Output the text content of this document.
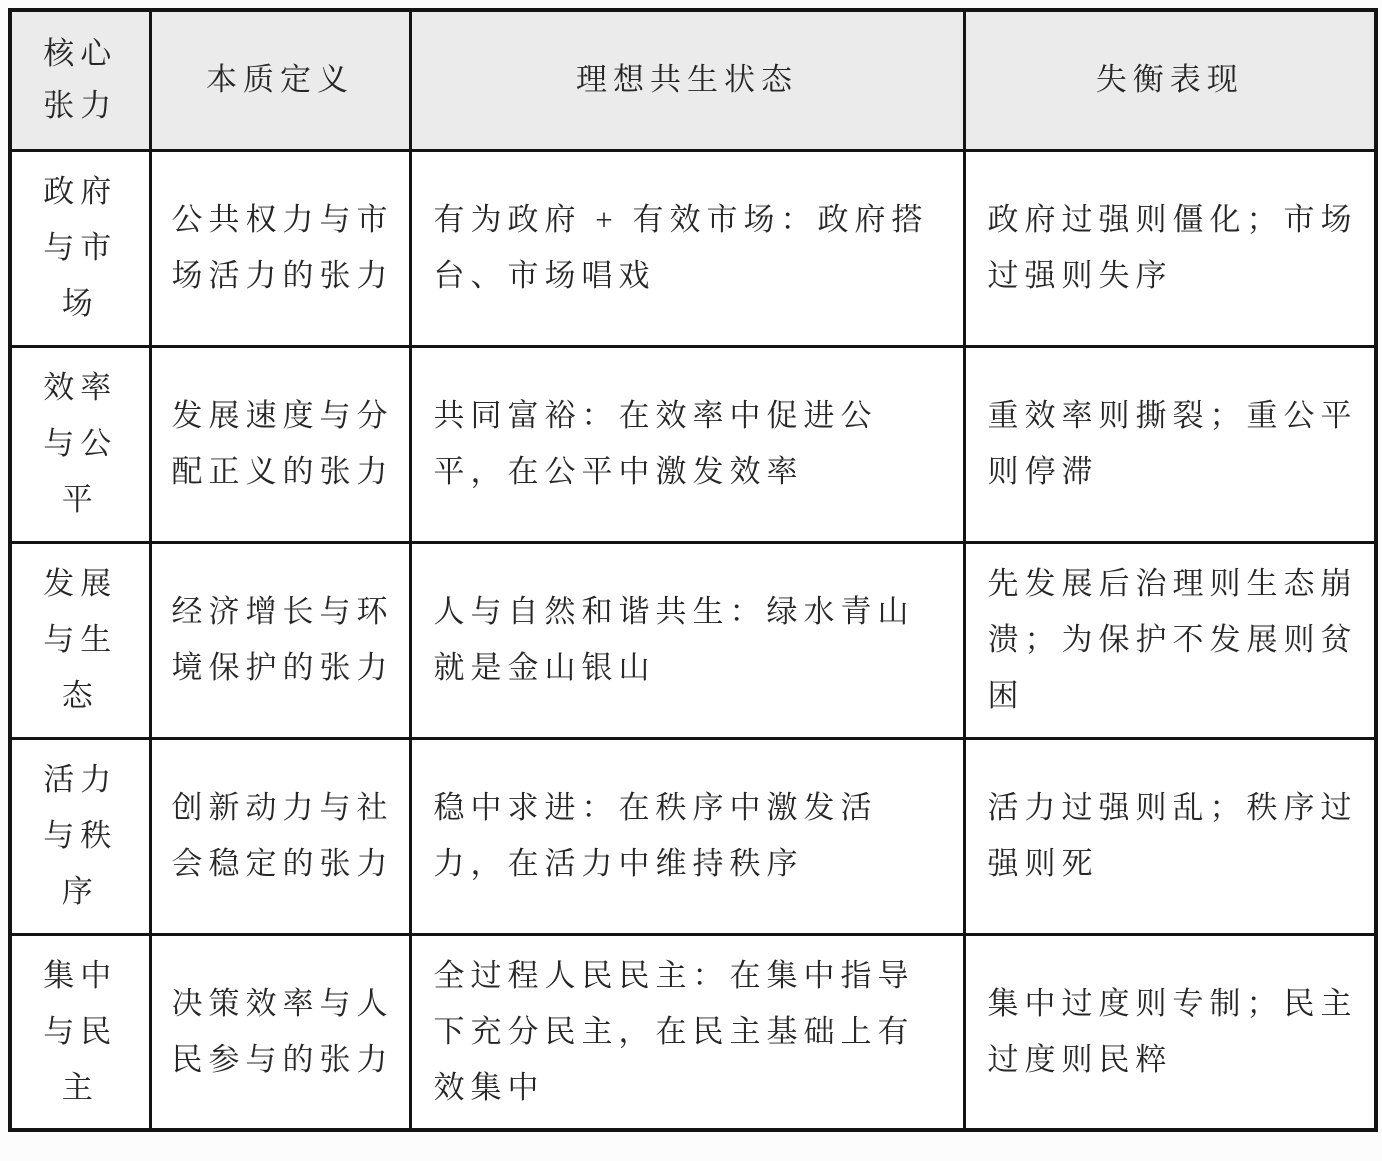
核心张力	本质定义	理想共生状态	失衡表现
政府与市场	公共权力与市场活力的张力	有为政府 + 有效市场：政府搭台、市场唱戏	政府过强则僵化；市场过强则失序
效率与公平	发展速度与分配正义的张力	共同富裕：在效率中促进公平，在公平中激发效率	重效率则撕裂；重公平则停滞
发展与生态	经济增长与环境保护的张力	人与自然和谐共生：绿水青山就是金山银山	先发展后治理则生态崩溃；为保护不发展则贫困
活力与秩序	创新动力与社会稳定的张力	稳中求进：在秩序中激发活力，在活力中维持秩序	活力过强则乱；秩序过强则死
集中与民主	决策效率与人民参与的张力	全过程人民民主：在集中指导下充分民主，在民主基础上有效集中	集中过度则专制；民主过度则民粹
